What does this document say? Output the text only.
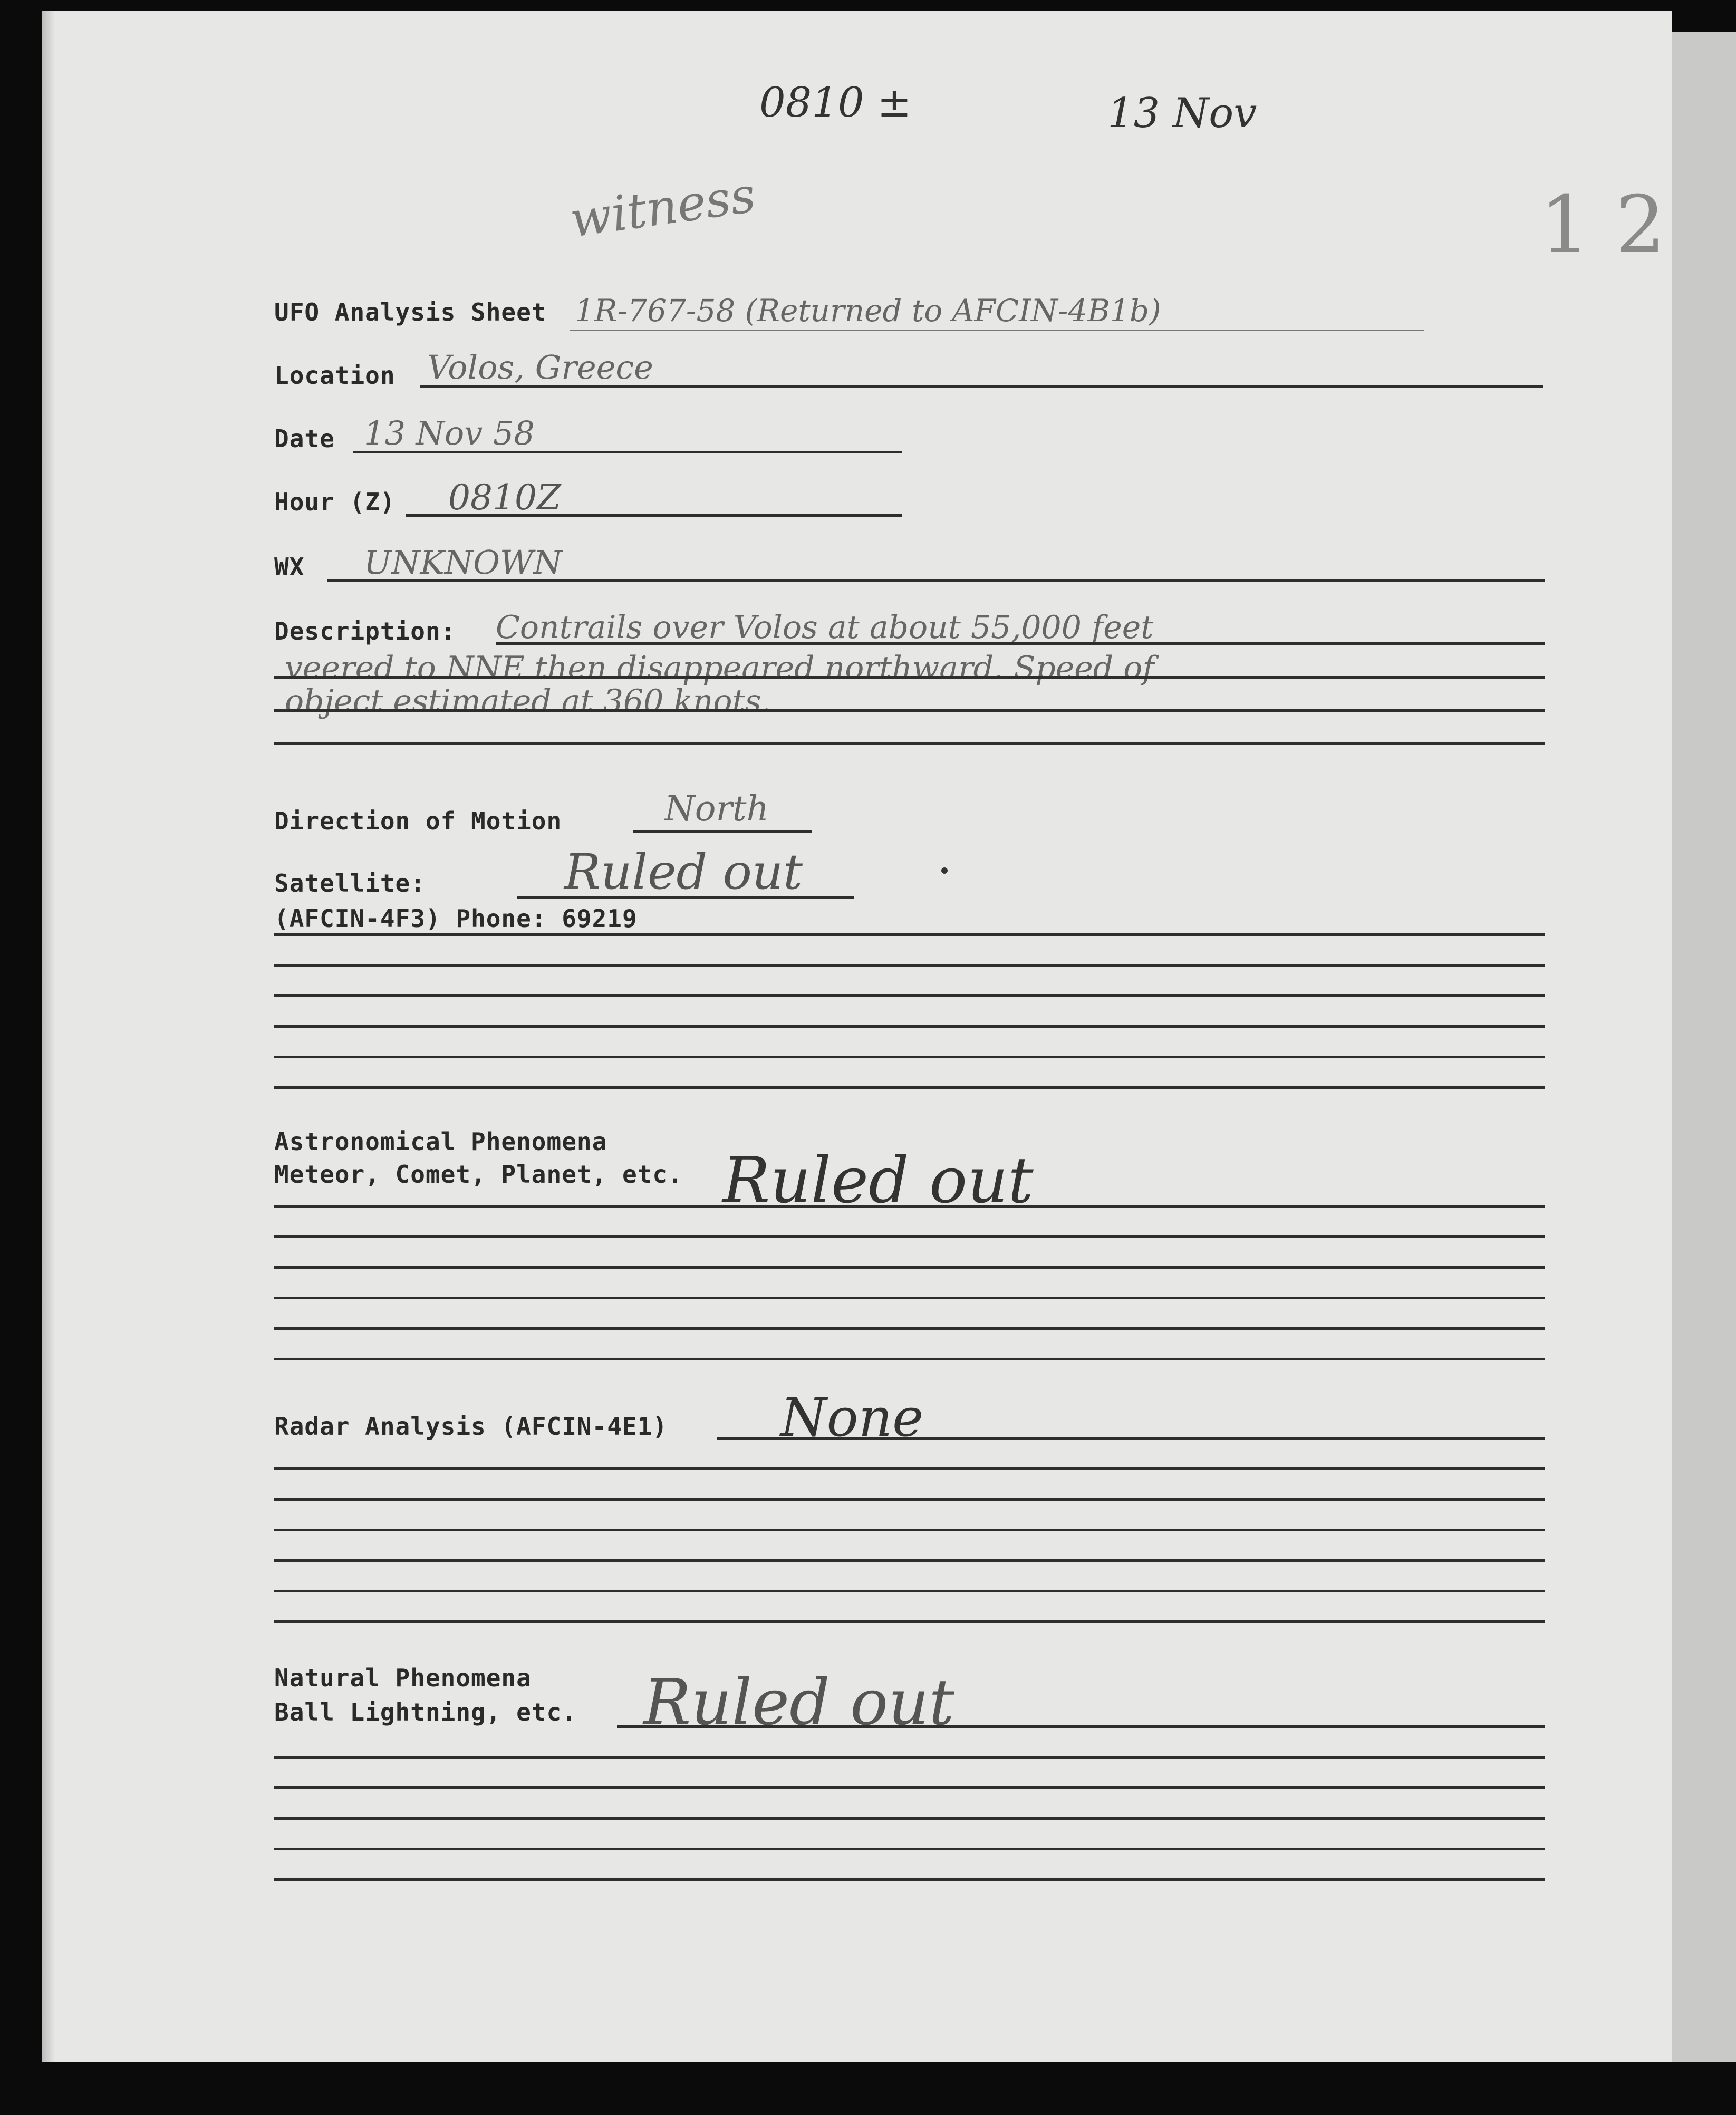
0810 ±	13 Nov
witness	1 2
UFO Analysis Sheet 1R-767-58 (Returned to AFCIN-4B1b)
Location Volos, Greece
Date 13 Nov 58
Hour (Z) 0810Z
WX UNKNOWN
Description: Contrails over Volos at about 55,000 feet
veered to NNE then disappeared northward. Speed of
object estimated at 360 knots.
Direction of Motion	North
Satellite:	Ruled out
(AFCIN-4F3) Phone: 69219
Astronomical Phenomena
Meteor, Comet, Planet, etc. Ruled out
Radar Analysis (AFCIN-4E1) None
Natural Phenomena
Ball Lightning, etc. Ruled out
